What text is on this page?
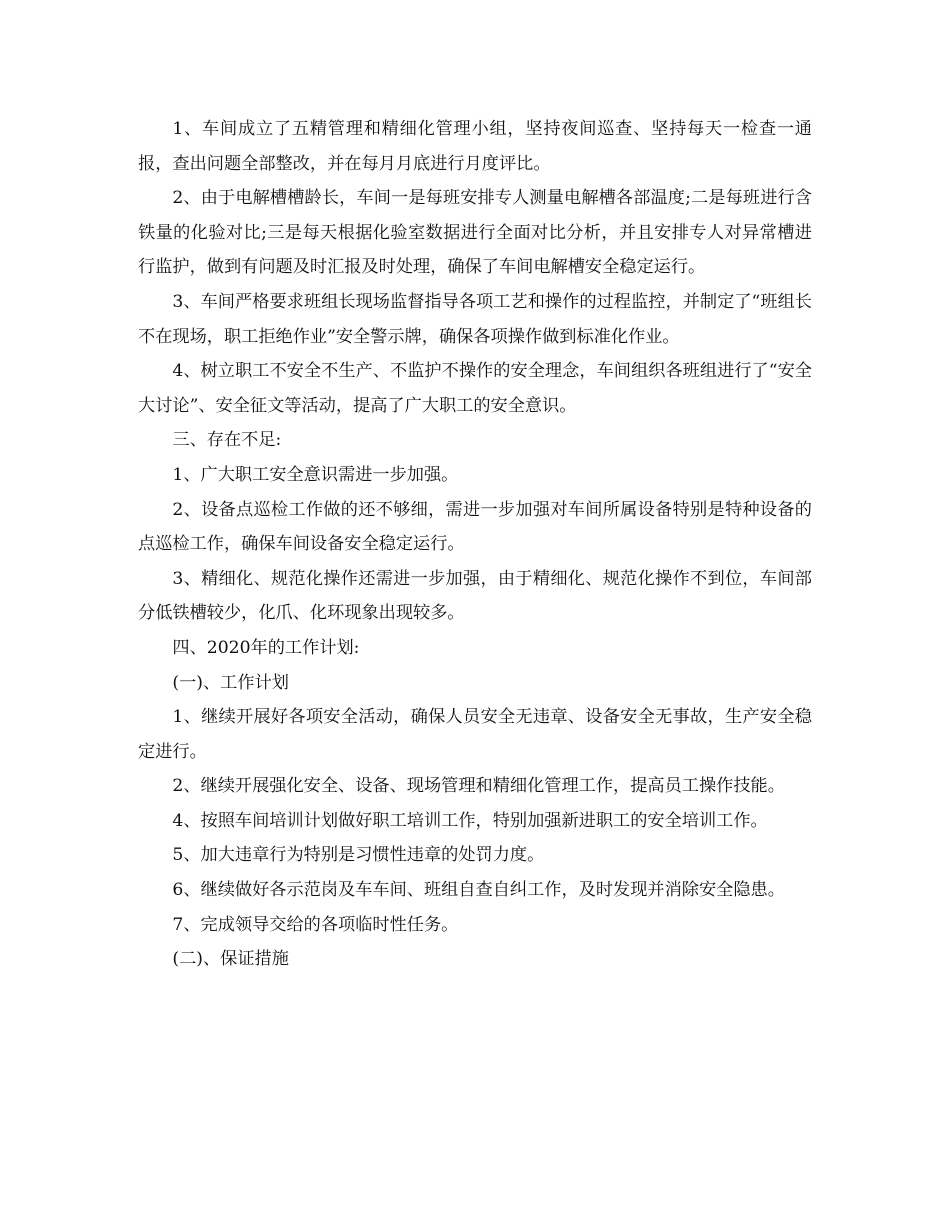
1、车间成立了五精管理和精细化管理小组，坚持夜间巡查、坚持每天一检查一通报，查出问题全部整改，并在每月月底进行月度评比。

2、由于电解槽槽龄长，车间一是每班安排专人测量电解槽各部温度;二是每班进行含铁量的化验对比;三是每天根据化验室数据进行全面对比分析，并且安排专人对异常槽进行监护，做到有问题及时汇报及时处理，确保了车间电解槽安全稳定运行。

3、车间严格要求班组长现场监督指导各项工艺和操作的过程监控，并制定了“班组长不在现场，职工拒绝作业”安全警示牌，确保各项操作做到标准化作业。

4、树立职工不安全不生产、不监护不操作的安全理念，车间组织各班组进行了“安全大讨论”、安全征文等活动，提高了广大职工的安全意识。

三、存在不足:

1、广大职工安全意识需进一步加强。

2、设备点巡检工作做的还不够细，需进一步加强对车间所属设备特别是特种设备的点巡检工作，确保车间设备安全稳定运行。

3、精细化、规范化操作还需进一步加强，由于精细化、规范化操作不到位，车间部分低铁槽较少，化爪、化环现象出现较多。

四、2020年的工作计划:

(一)、工作计划

1、继续开展好各项安全活动，确保人员安全无违章、设备安全无事故，生产安全稳定进行。

2、继续开展强化安全、设备、现场管理和精细化管理工作，提高员工操作技能。

4、按照车间培训计划做好职工培训工作，特别加强新进职工的安全培训工作。

5、加大违章行为特别是习惯性违章的处罚力度。

6、继续做好各示范岗及车车间、班组自查自纠工作，及时发现并消除安全隐患。

7、完成领导交给的各项临时性任务。

(二)、保证措施
